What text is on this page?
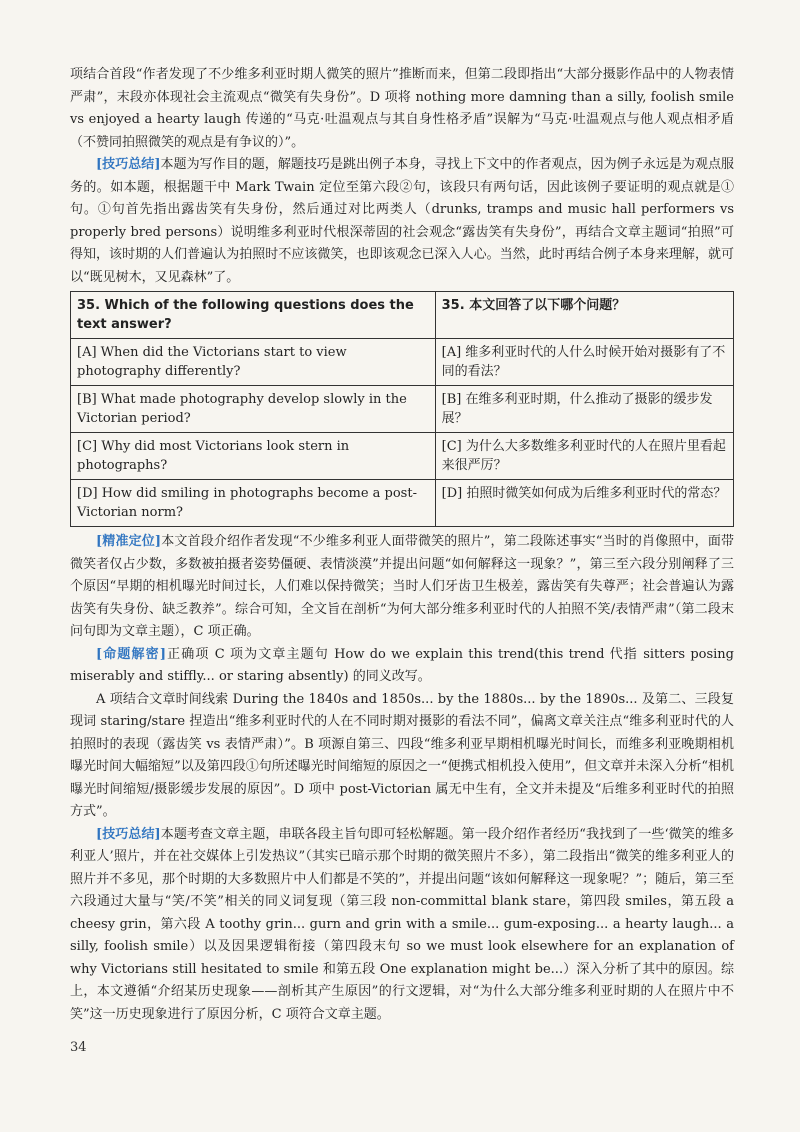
项结合首段“作者发现了不少维多利亚时期人微笑的照片”推断而来，但第二段即指出“大部分摄影作品中的人物表情严肃”，末段亦体现社会主流观点“微笑有失身份”。D 项将 nothing more damning than a silly, foolish smile vs enjoyed a hearty laugh 传递的“马克·吐温观点与其自身性格矛盾”误解为“马克·吐温观点与他人观点相矛盾（不赞同拍照微笑的观点是有争议的）”。

[技巧总结]本题为写作目的题，解题技巧是跳出例子本身，寻找上下文中的作者观点，因为例子永远是为观点服务的。如本题，根据题干中 Mark Twain 定位至第六段②句，该段只有两句话，因此该例子要证明的观点就是①句。①句首先指出露齿笑有失身份，然后通过对比两类人（drunks, tramps and music hall performers vs properly bred persons）说明维多利亚时代根深蒂固的社会观念“露齿笑有失身份”，再结合文章主题词“拍照”可得知，该时期的人们普遍认为拍照时不应该微笑，也即该观念已深入人心。当然，此时再结合例子本身来理解，就可以“既见树木，又见森林”了。

35. Which of the following questions does the text answer?	35. 本文回答了以下哪个问题？
[A] When did the Victorians start to view photography differently?	[A] 维多利亚时代的人什么时候开始对摄影有了不同的看法？
[B] What made photography develop slowly in the Victorian period?	[B] 在维多利亚时期，什么推动了摄影的缓步发展？
[C] Why did most Victorians look stern in photographs?	[C] 为什么大多数维多利亚时代的人在照片里看起来很严厉？
[D] How did smiling in photographs become a post-Victorian norm?	[D] 拍照时微笑如何成为后维多利亚时代的常态？

[精准定位]本文首段介绍作者发现“不少维多利亚人面带微笑的照片”，第二段陈述事实“当时的肖像照中，面带微笑者仅占少数，多数被拍摄者姿势僵硬、表情淡漠”并提出问题“如何解释这一现象？”，第三至六段分别阐释了三个原因“早期的相机曝光时间过长，人们难以保持微笑；当时人们牙齿卫生极差，露齿笑有失尊严；社会普遍认为露齿笑有失身份、缺乏教养”。综合可知，全文旨在剖析“为何大部分维多利亚时代的人拍照不笑/表情严肃”（第二段末问句即为文章主题），C 项正确。

[命题解密]正确项 C 项为文章主题句 How do we explain this trend(this trend 代指 sitters posing miserably and stiffly... or staring absently) 的同义改写。

A 项结合文章时间线索 During the 1840s and 1850s... by the 1880s... by the 1890s... 及第二、三段复现词 staring/stare 捏造出“维多利亚时代的人在不同时期对摄影的看法不同”，偏离文章关注点“维多利亚时代的人拍照时的表现（露齿笑 vs 表情严肃）”。B 项源自第三、四段“维多利亚早期相机曝光时间长，而维多利亚晚期相机曝光时间大幅缩短”以及第四段①句所述曝光时间缩短的原因之一“便携式相机投入使用”，但文章并未深入分析“相机曝光时间缩短/摄影缓步发展的原因”。D 项中 post-Victorian 属无中生有，全文并未提及“后维多利亚时代的拍照方式”。

[技巧总结]本题考查文章主题，串联各段主旨句即可轻松解题。第一段介绍作者经历“我找到了一些‘微笑的维多利亚人’照片，并在社交媒体上引发热议”（其实已暗示那个时期的微笑照片不多），第二段指出“微笑的维多利亚人的照片并不多见，那个时期的大多数照片中人们都是不笑的”，并提出问题“该如何解释这一现象呢？”；随后，第三至六段通过大量与“笑/不笑”相关的同义词复现（第三段 non-committal blank stare，第四段 smiles，第五段 a cheesy grin，第六段 A toothy grin... gurn and grin with a smile... gum-exposing... a hearty laugh... a silly, foolish smile）以及因果逻辑衔接（第四段末句 so we must look elsewhere for an explanation of why Victorians still hesitated to smile 和第五段 One explanation might be...）深入分析了其中的原因。综上，本文遵循“介绍某历史现象——剖析其产生原因”的行文逻辑，对“为什么大部分维多利亚时期的人在照片中不笑”这一历史现象进行了原因分析，C 项符合文章主题。

34
